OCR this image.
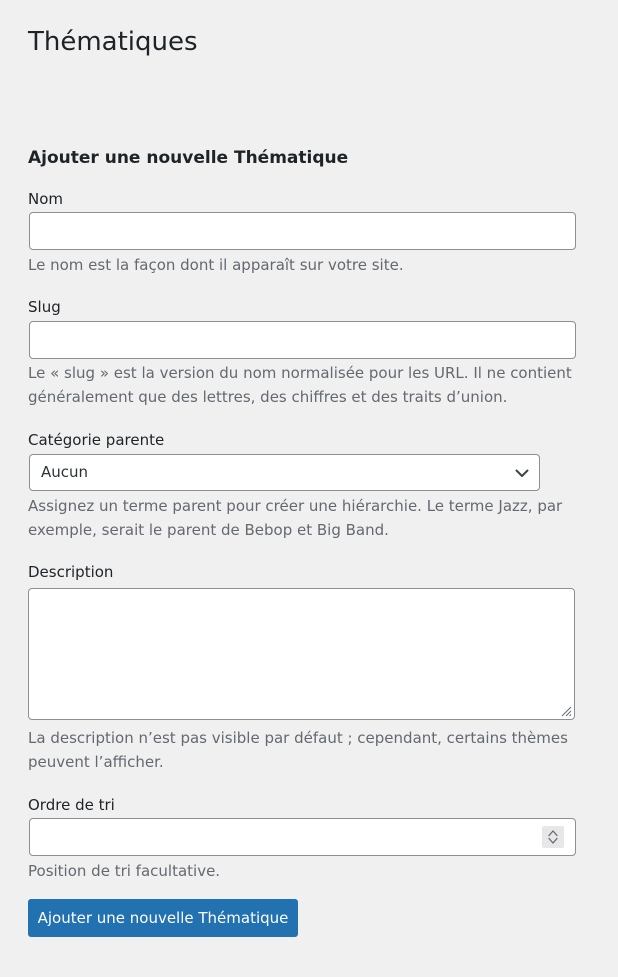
Thématiques
Ajouter une nouvelle Thématique
Nom
Le nom est la façon dont il apparaît sur votre site.
Slug
Le « slug » est la version du nom normalisée pour les URL. Il ne contient généralement que des lettres, des chiffres et des traits d’union.
Catégorie parente
Aucun
Assignez un terme parent pour créer une hiérarchie. Le terme Jazz, par exemple, serait le parent de Bebop et Big Band.
Description
La description n’est pas visible par défaut ; cependant, certains thèmes peuvent l’afficher.
Ordre de tri
Position de tri facultative.
Ajouter une nouvelle Thématique
